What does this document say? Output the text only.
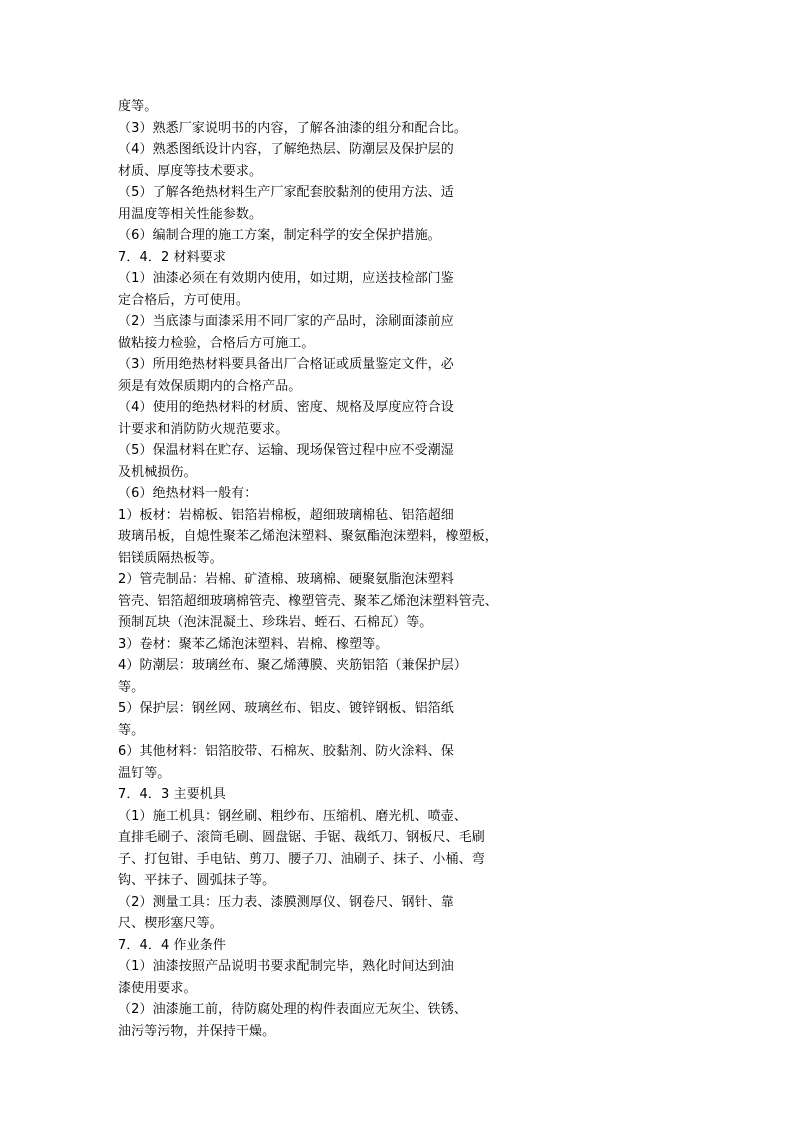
度等。
（3）熟悉厂家说明书的内容，了解各油漆的组分和配合比。
（4）熟悉图纸设计内容，了解绝热层、防潮层及保护层的
材质、厚度等技术要求。
（5）了解各绝热材料生产厂家配套胶黏剂的使用方法、适
用温度等相关性能参数。
（6）编制合理的施工方案，制定科学的安全保护措施。
7．4．2 材料要求
（1）油漆必须在有效期内使用，如过期，应送技检部门鉴
定合格后，方可使用。
（2）当底漆与面漆采用不同厂家的产品时，涂刷面漆前应
做粘接力检验，合格后方可施工。
（3）所用绝热材料要具备出厂合格证或质量鉴定文件，必
须是有效保质期内的合格产品。
（4）使用的绝热材料的材质、密度、规格及厚度应符合设
计要求和消防防火规范要求。
（5）保温材料在贮存、运输、现场保管过程中应不受潮湿
及机械损伤。
（6）绝热材料一般有：
1）板材：岩棉板、铝箔岩棉板，超细玻璃棉毡、铝箔超细
玻璃吊板，自熄性聚苯乙烯泡沫塑料、聚氨酯泡沫塑料，橡塑板，
铝镁质隔热板等。
2）管壳制品：岩棉、矿渣棉、玻璃棉、硬聚氨脂泡沫塑料
管壳、铝箔超细玻璃棉管壳、橡塑管壳、聚苯乙烯泡沫塑料管壳、
预制瓦块（泡沫混凝土、珍珠岩、蛭石、石棉瓦）等。
3）卷材：聚苯乙烯泡沫塑料、岩棉、橡塑等。
4）防潮层：玻璃丝布、聚乙烯薄膜、夹筋铝箔（兼保护层）
等。
5）保护层：钢丝网、玻璃丝布、铝皮、镀锌钢板、铝箔纸
等。
6）其他材料：铝箔胶带、石棉灰、胶黏剂、防火涂料、保
温钉等。
7．4．3 主要机具
（1）施工机具：钢丝刷、粗纱布、压缩机、磨光机、喷壶、
直排毛刷子、滚筒毛刷、圆盘锯、手锯、裁纸刀、钢板尺、毛刷
子、打包钳、手电钻、剪刀、腰子刀、油刷子、抹子、小桶、弯
钩、平抹子、圆弧抹子等。
（2）测量工具：压力表、漆膜测厚仪、钢卷尺、钢针、靠
尺、楔形塞尺等。
7．4．4 作业条件
（1）油漆按照产品说明书要求配制完毕，熟化时间达到油
漆使用要求。
（2）油漆施工前，待防腐处理的构件表面应无灰尘、铁锈、
油污等污物，并保持干燥。
